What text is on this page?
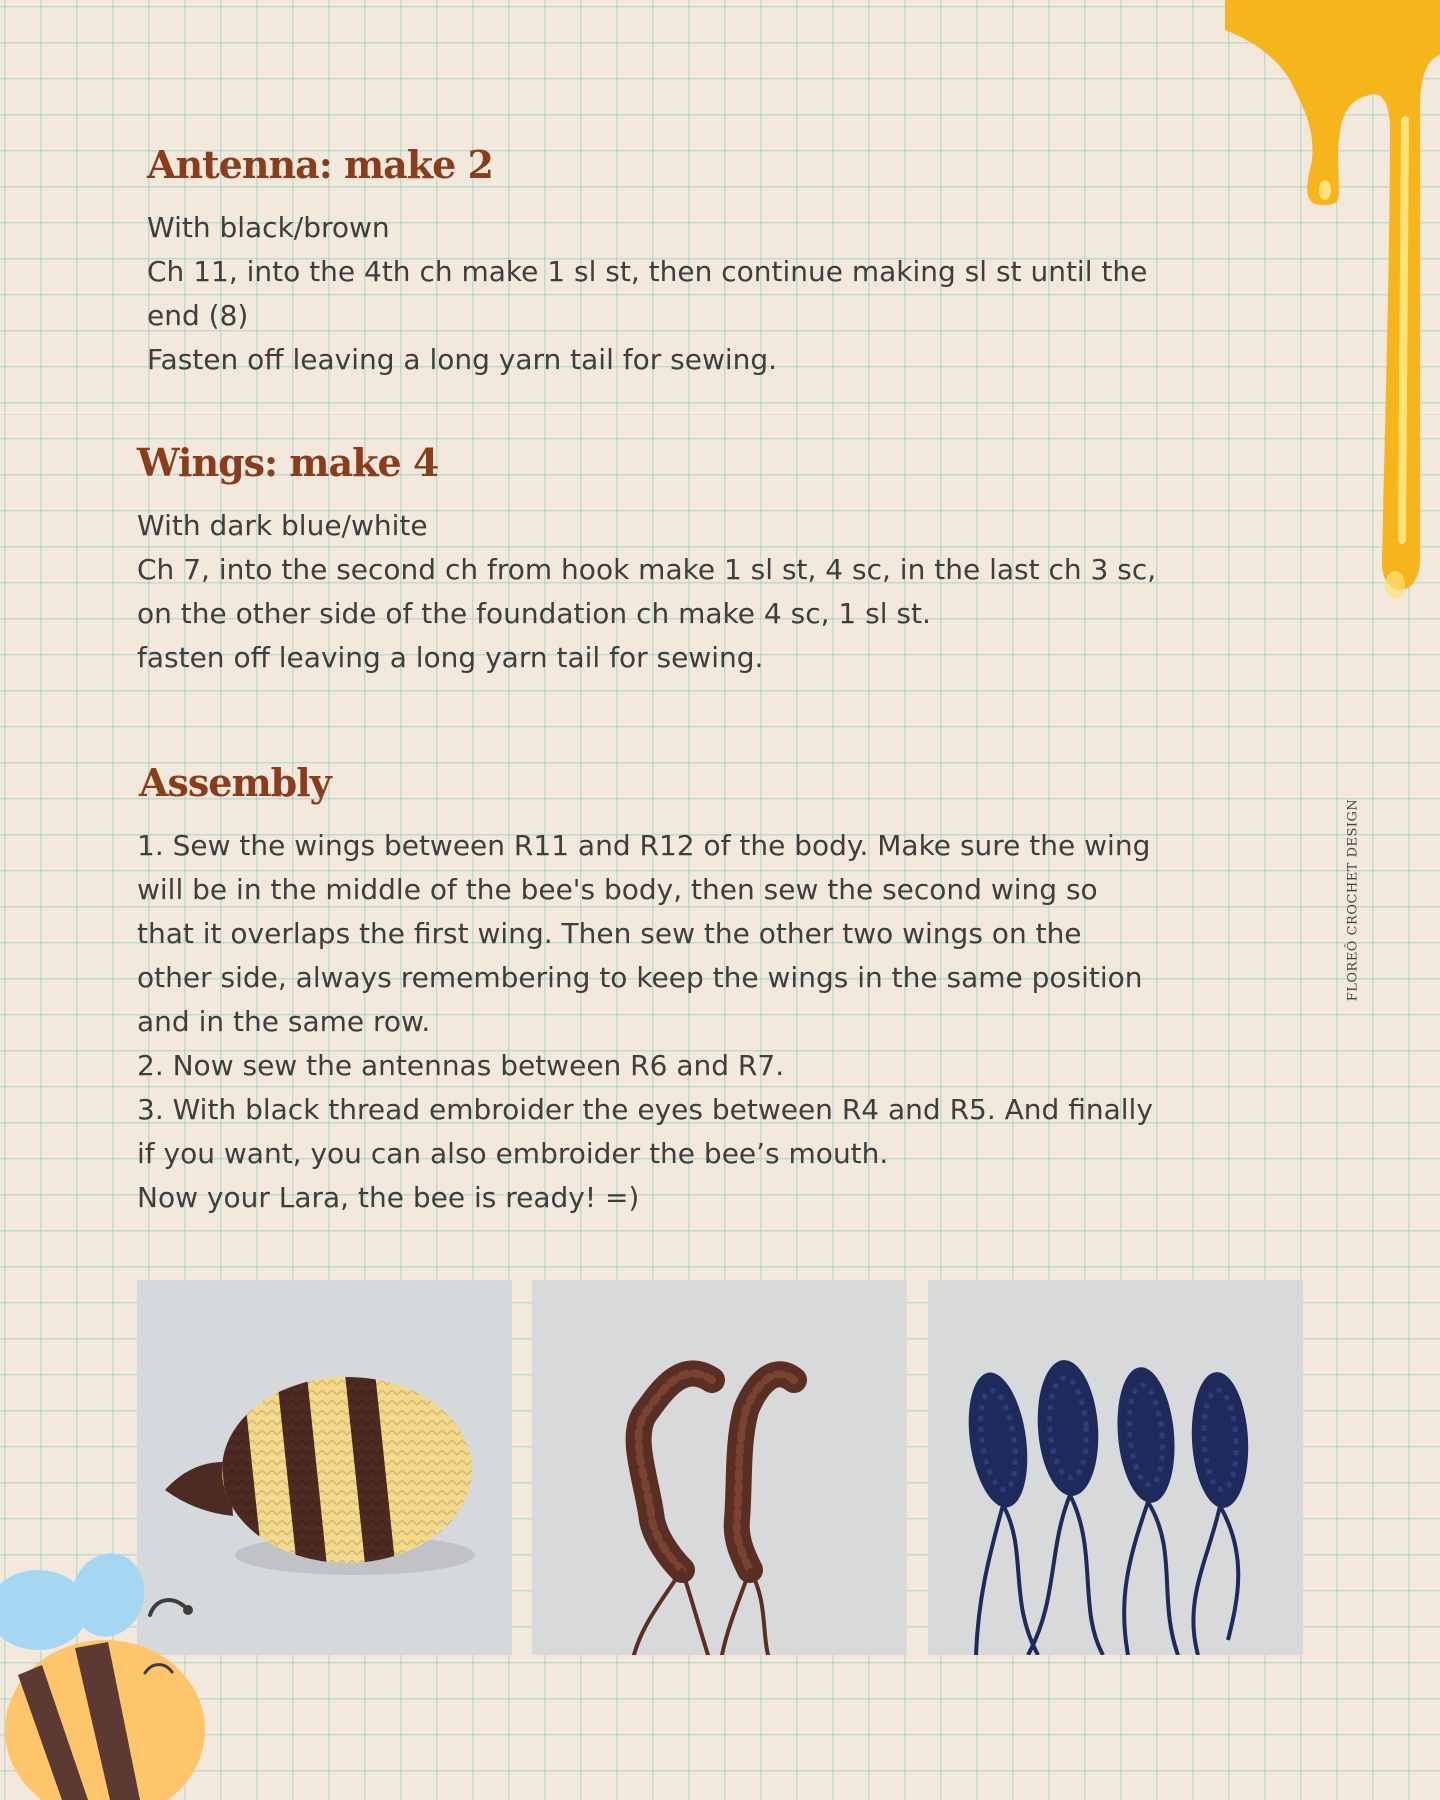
Antenna: make 2

With black/brown

Ch 11, into the 4th ch make 1 sl st, then continue making sl st until the

end (8)

Fasten off leaving a long yarn tail for sewing.

Wings: make 4

With dark blue/white

Ch 7, into the second ch from hook make 1 sl st, 4 sc, in the last ch 3 sc,

on the other side of the foundation ch make 4 sc, 1 sl st.

fasten off leaving a long yarn tail for sewing.

Assembly

1. Sew the wings between R11 and R12 of the body. Make sure the wing

will be in the middle of the bee's body, then sew the second wing so

that it overlaps the first wing. Then sew the other two wings on the

other side, always remembering to keep the wings in the same position

and in the same row.

2. Now sew the antennas between R6 and R7.

3. With black thread embroider the eyes between R4 and R5. And finally

if you want, you can also embroider the bee’s mouth.

Now your Lara, the bee is ready! =)

FLOREÔ CROCHET DESIGN
